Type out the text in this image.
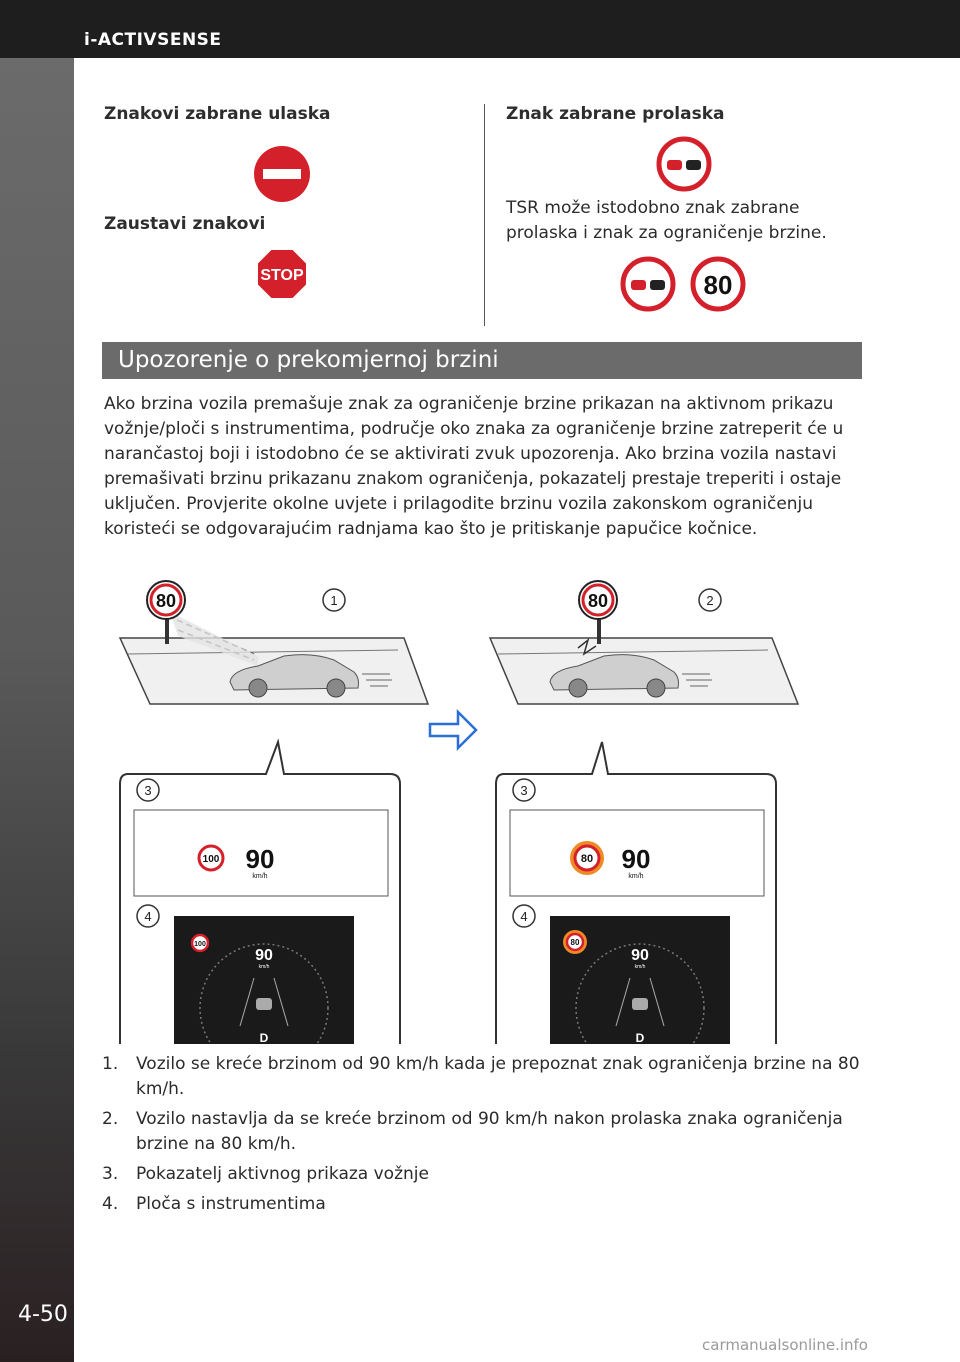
i-ACTIVSENSE
4-50
Znakovi zabrane ulaska
Zaustavi znakovi
STOP
Znak zabrane prolaska
TSR može istodobno znak zabrane prolaska i znak za ograničenje brzine.
80
Upozorenje o prekomjernoj brzini
Ako brzina vozila premašuje znak za ograničenje brzine prikazan na aktivnom prikazu vožnje/ploči s instrumentima, područje oko znaka za ograničenje brzine zatreperit će u narančastoj boji i istodobno će se aktivirati zvuk upozorenja. Ako brzina vozila nastavi premašivati brzinu prikazanu znakom ograničenja, pokazatelj prestaje treperiti i ostaje uključen. Provjerite okolne uvjete i prilagodite brzinu vozila zakonskom ograničenju koristeći se odgovarajućim radnjama kao što je pritiskanje papučice kočnice.
80	1	80	2
3
100 90
km/h
4
100
90
km/h
D
3
80 90
km/h
4
80
90
km/h
D
1. Vozilo se kreće brzinom od 90 km/h kada je prepoznat znak ograničenja brzine na 80 km/h.
2. Vozilo nastavlja da se kreće brzinom od 90 km/h nakon prolaska znaka ograničenja brzine na 80 km/h.
3. Pokazatelj aktivnog prikaza vožnje
4. Ploča s instrumentima
carmanualsonline.info
